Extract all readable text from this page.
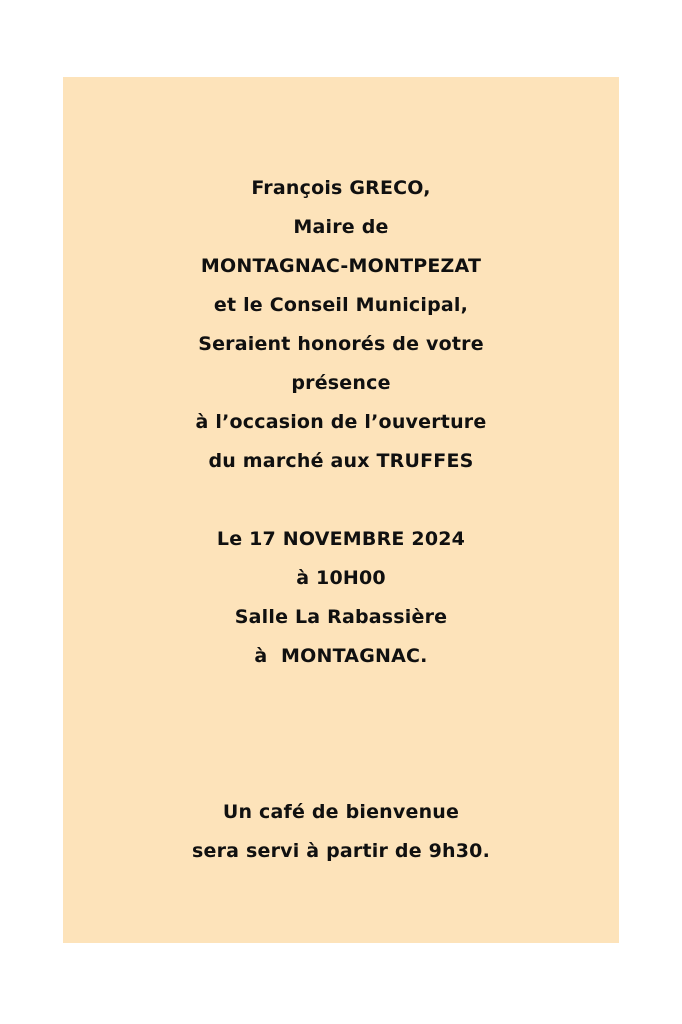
François GRECO,

Maire de

MONTAGNAC-MONTPEZAT

et le Conseil Municipal,

Seraient honorés de votre

présence

à l’occasion de l’ouverture

du marché aux TRUFFES

Le 17 NOVEMBRE 2024

à 10H00

Salle La Rabassière

à  MONTAGNAC.

Un café de bienvenue

sera servi à partir de 9h30.
